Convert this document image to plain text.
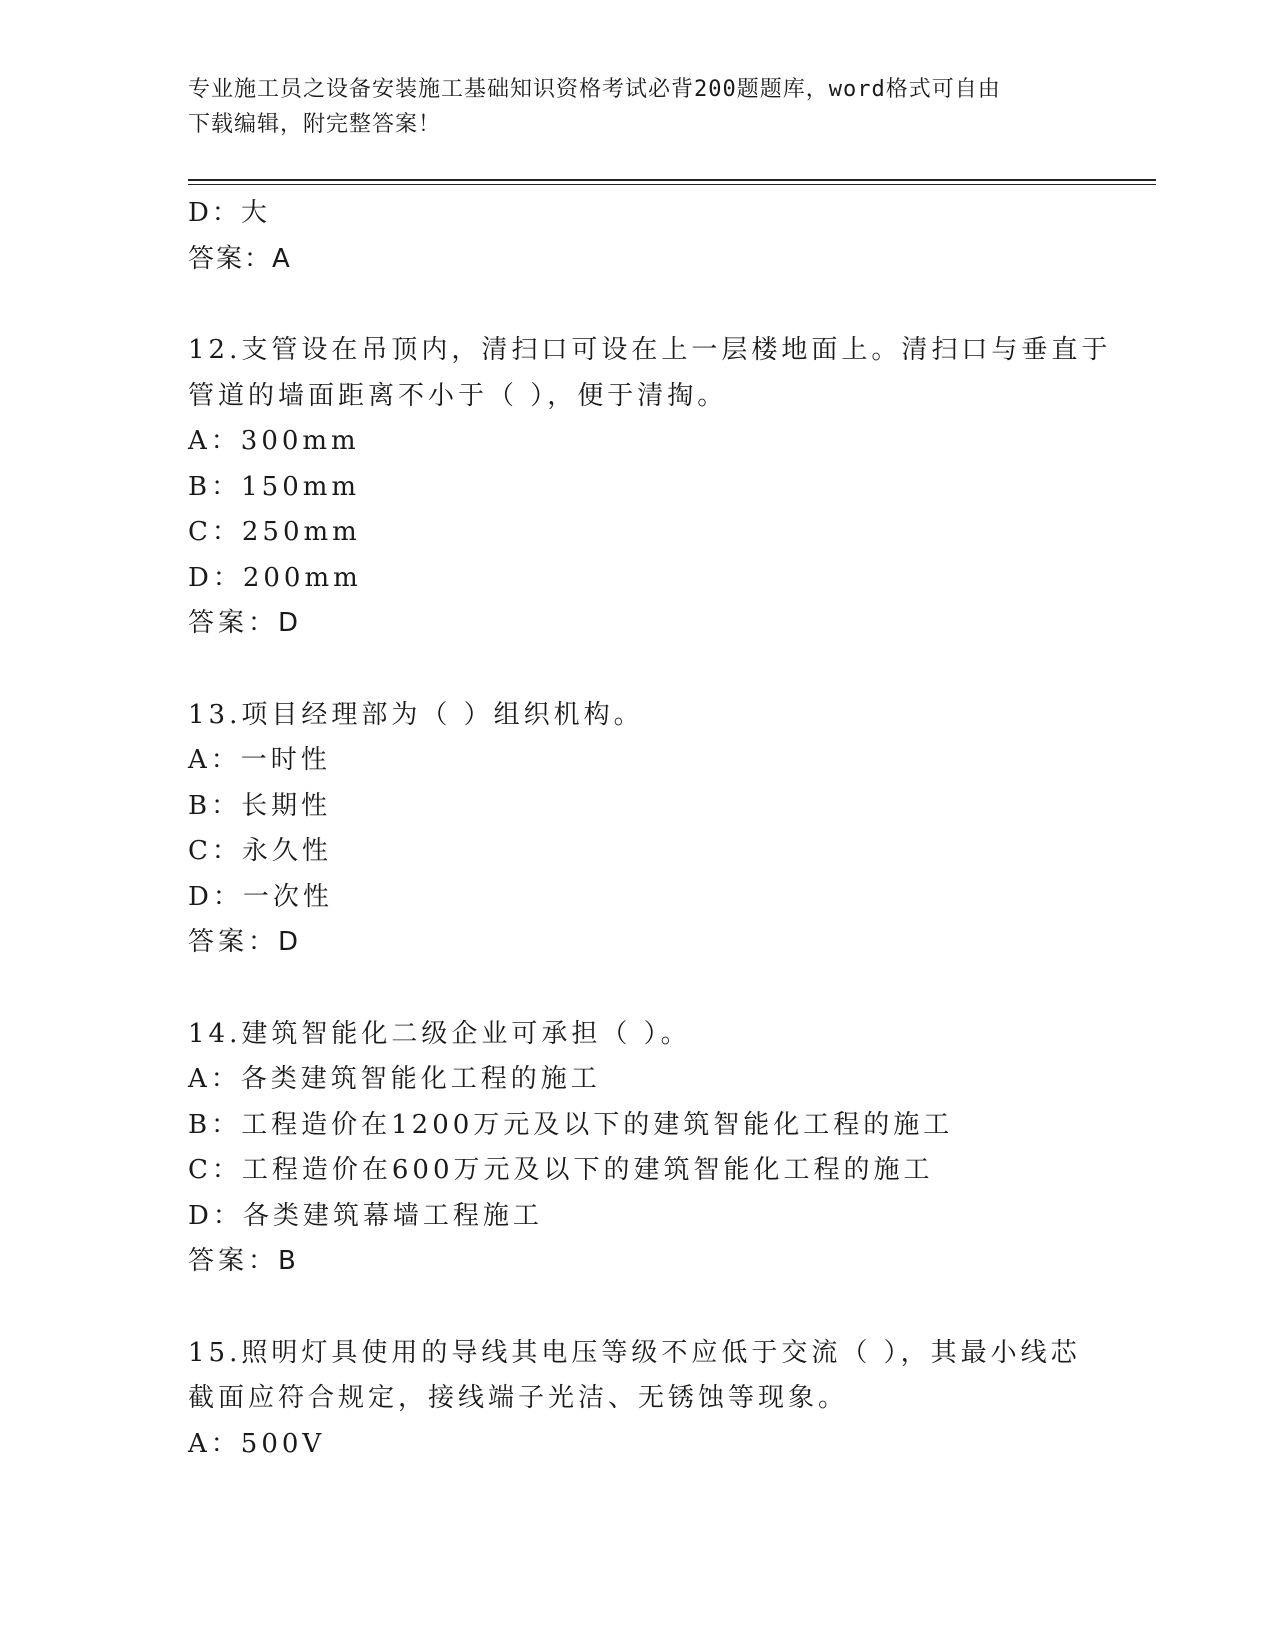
专业施工员之设备安装施工基础知识资格考试必背200题题库，word格式可自由
下载编辑，附完整答案！
D：大
答案：A
12.支管设在吊顶内，清扫口可设在上一层楼地面上。清扫口与垂直于
管道的墙面距离不小于（ ），便于清掏。
A：300mm
B：150mm
C：250mm
D：200mm
答案：D
13.项目经理部为（ ）组织机构。
A：一时性
B：长期性
C：永久性
D：一次性
答案：D
14.建筑智能化二级企业可承担（ ）。
A：各类建筑智能化工程的施工
B：工程造价在1200万元及以下的建筑智能化工程的施工
C：工程造价在600万元及以下的建筑智能化工程的施工
D：各类建筑幕墙工程施工
答案：B
15.照明灯具使用的导线其电压等级不应低于交流（ ），其最小线芯
截面应符合规定，接线端子光洁、无锈蚀等现象。
A：500V
